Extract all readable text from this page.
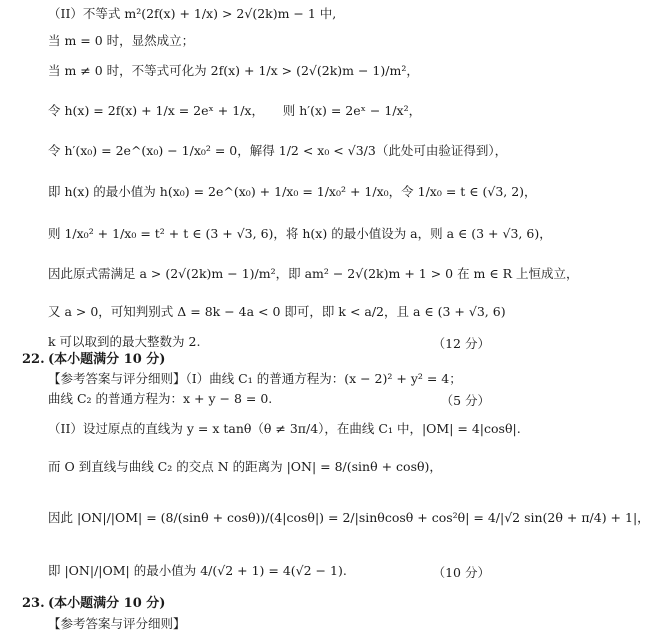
（II）不等式 m²(2f(x) + 1/x) > 2√(2k)m − 1 中,
当 m = 0 时，显然成立；
当 m ≠ 0 时，不等式可化为 2f(x) + 1/x > (2√(2k)m − 1)/m²，
令 h(x) = 2f(x) + 1/x = 2eˣ + 1/x，　　则 h′(x) = 2eˣ − 1/x²，
令 h′(x₀) = 2e^(x₀) − 1/x₀² = 0，解得 1/2 < x₀ < √3/3（此处可由验证得到），
即 h(x) 的最小值为 h(x₀) = 2e^(x₀) + 1/x₀ = 1/x₀² + 1/x₀，令 1/x₀ = t ∈ (√3, 2)，
则 1/x₀² + 1/x₀ = t² + t ∈ (3 + √3, 6)，将 h(x) 的最小值设为 a，则 a ∈ (3 + √3, 6)，
因此原式需满足 a > (2√(2k)m − 1)/m²，即 am² − 2√(2k)m + 1 > 0 在 m ∈ R 上恒成立，
又 a > 0，可知判别式 Δ = 8k − 4a < 0 即可，即 k < a/2，且 a ∈ (3 + √3, 6)
k 可以取到的最大整数为 2.	（12 分）
22. (本小题满分 10 分)
【参考答案与评分细则】（I）曲线 C₁ 的普通方程为：(x − 2)² + y² = 4；
曲线 C₂ 的普通方程为：x + y − 8 = 0.	（5 分）
（II）设过原点的直线为 y = x tanθ（θ ≠ 3π/4），在曲线 C₁ 中，|OM| = 4|cosθ|.
而 O 到直线与曲线 C₂ 的交点 N 的距离为 |ON| = 8/(sinθ + cosθ)，
因此 |ON|/|OM| = (8/(sinθ + cosθ))/(4|cosθ|) = 2/|sinθcosθ + cos²θ| = 4/|√2 sin(2θ + π/4) + 1|，
即 |ON|/|OM| 的最小值为 4/(√2 + 1) = 4(√2 − 1).	（10 分）
23. (本小题满分 10 分)
【参考答案与评分细则】
